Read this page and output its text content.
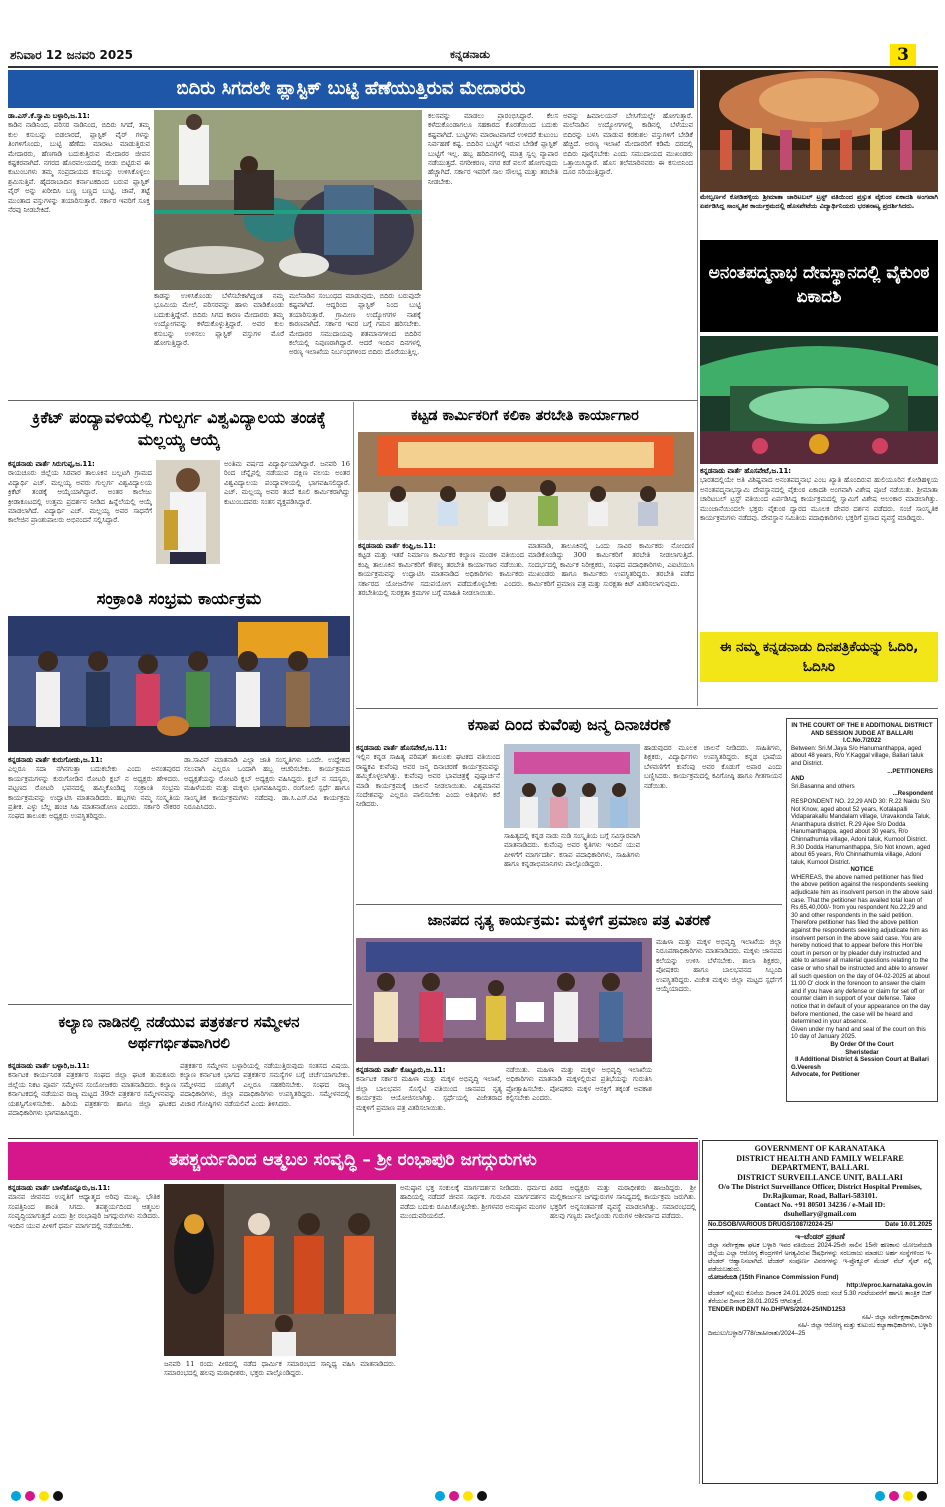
ಶನಿವಾರ 12 ಜನವರಿ 2025	ಕನ್ನಡನಾಡು	3
ಬಿದಿರು ಸಿಗದಲೇ ಪ್ಲಾಸ್ಟಿಕ್ ಬುಟ್ಟಿ ಹೆಣೆಯುತ್ತಿರುವ ಮೇದಾರರು
ಡಾ.ಎಸ್.ಕೆ.ಸ್ವಾಮಿ ಬಳ್ಳಾರಿ,ಜ.11:
ಕಾಡಿನ ನಾಡಿನಿಂದ, ಪರಿಸರ ನಾಡಿನಿಂದ, ಬಿದಿರು ಸಿಗದೆ, ತಮ್ಮ ಕುಲ ಕಸುಬನ್ನು ಬಿಡಲಾರದೆ, ಪ್ಲಾಸ್ಟಿಕ್ ವೈರ್ ಗಳನ್ನು ತಿಂಗಳಿಗೊಂದು, ಬುಟ್ಟಿ ಹೆಣೆದು ಮಾರಾಟ ಮಾಡುತ್ತಿರುವ ಮೇದಾರರು, ಹೆಣಗಾಡಿ ಬದುಕುತ್ತಿರುವ ಮೇದಾರರ ಜೀವನ ಕಷ್ಟಕರವಾಗಿದೆ. ನಗರದ ಹೊರವಲಯದಲ್ಲಿ ಬೀಡು ಬಿಟ್ಟಿರುವ ಈ ಕುಟುಂಬಗಳು ತಮ್ಮ ಸಂಪ್ರದಾಯದ ಕಸುಬನ್ನು ಉಳಿಸಿಕೊಳ್ಳಲು ಶ್ರಮಿಸುತ್ತಿವೆ. ಹೈದರಾಬಾದಿನ ಕರ್ನಾಟಕದಿಂದ ಬರುವ ಪ್ಲಾಸ್ಟಿಕ್ ವೈರ್ ಅನ್ನು ಖರೀದಿಸಿ ಬಣ್ಣ ಬಣ್ಣದ ಬುಟ್ಟಿ, ಚಾಪೆ, ತಟ್ಟೆ ಮುಂತಾದ ವಸ್ತುಗಳನ್ನು ತಯಾರಿಸುತ್ತಾರೆ. ಸರ್ಕಾರ ಇವರಿಗೆ ಸೂಕ್ತ ನೆರವು ನೀಡಬೇಕಿದೆ.
ಕಾಡನ್ನು ಉಳಿಸಿಕೊಂಡು ಬೆಳೆಸಬೇಕಾಗಿದ್ದಂತ ನಮ್ಮ ಭೂಮಿಯ ಮೇಲೆ, ಪರಿಸರವನ್ನು ಹಾಳು ಮಾಡಿಕೊಂಡು ಬದುಕುತ್ತಿದ್ದೇವೆ. ಬಿದಿರು ಸಿಗದ ಕಾರಣ ಮೇದಾರರು ತಮ್ಮ ಉದ್ಯೋಗವನ್ನು ಕಳೆದುಕೊಳ್ಳುತ್ತಿದ್ದಾರೆ. ಅವರ ಕುಲ ಕಸುಬನ್ನು ಉಳಿಸಲು ಪ್ಲಾಸ್ಟಿಕ್ ವಸ್ತುಗಳ ಮೊರೆ ಹೋಗುತ್ತಿದ್ದಾರೆ.
ಮಲೆನಾಡಿನ ಸಂಬಂಧದ ಮಾಡುವುದು, ಬಿದಿರು ಬರುವುದೇ ಕಷ್ಟವಾಗಿದೆ. ಆದ್ದರಿಂದ ಪ್ಲಾಸ್ಟಿಕ್ ನಿಂದ ಬುಟ್ಟಿ ತಯಾರಿಸುತ್ತಾರೆ. ಗ್ರಾಮೀಣ ಉದ್ಯೋಗಗಳ ನಾಶಕ್ಕೆ ಕಾರಣವಾಗಿದೆ. ಸರ್ಕಾರ ಇವರ ಬಗ್ಗೆ ಗಮನ ಹರಿಸಬೇಕು. ಮೇದಾರರ ಸಮುದಾಯವು ಶತಮಾನಗಳಿಂದ ಬಿದಿರಿನ ಕಲೆಯಲ್ಲಿ ನಿಪುಣರಾಗಿದ್ದಾರೆ. ಆದರೆ ಇಂದಿನ ದಿನಗಳಲ್ಲಿ ಅರಣ್ಯ ಇಲಾಖೆಯ ನಿರ್ಬಂಧಗಳಿಂದ ಬಿದಿರು ದೊರೆಯುತ್ತಿಲ್ಲ.
ಕಲಸವನ್ನು ಮಾಡಲು ಪ್ರಾರಂಭಿಸಿದ್ದಾರೆ. ಕೆಲಸ ಕಳೆದುಕೊಂಡಾಗಲೂ ಸಹಕಾರದ ಕೊರತೆಯಿಂದ ಬದುಕು ಕಷ್ಟವಾಗಿದೆ. ಬುಟ್ಟಿಗಳು ಮಾರಾಟವಾಗದೆ ಉಳಿದರೆ ಕುಟುಂಬ ನಿರ್ವಹಣೆ ಕಷ್ಟ. ಬಿದಿರಿನ ಬುಟ್ಟಿಗೆ ಇರುವ ಬೇಡಿಕೆ ಪ್ಲಾಸ್ಟಿಕ್ ಬುಟ್ಟಿಗೆ ಇಲ್ಲ. ಹಬ್ಬ ಹರಿದಿನಗಳಲ್ಲಿ ಮಾತ್ರ ಸ್ವಲ್ಪ ವ್ಯಾಪಾರ ನಡೆಯುತ್ತದೆ. ನಗರೀಕರಣ, ನಗರ ಕಡೆ ವಲಸೆ ಹೋಗುವುದು ಹೆಚ್ಚಾಗಿದೆ. ಸರ್ಕಾರ ಇವರಿಗೆ ಸಾಲ ಸೌಲಭ್ಯ ಮತ್ತು ತರಬೇತಿ ನೀಡಬೇಕು.
ಅವನ್ನು ಹಿಮಾಲಯನ್ ಬೇಸಿಗೆಯಲ್ಲೇ ಹೋಗುತ್ತಾರೆ. ಮಲೆನಾಡಿನ ಉದ್ಯೋಗಗಳಲ್ಲಿ ಕಾಡಿನಲ್ಲಿ ಬೆಳೆಯುವ ಬಿದಿರನ್ನು ಬಳಸಿ ಮಾಡುವ ಕರಕುಶಲ ವಸ್ತುಗಳಿಗೆ ಬೇಡಿಕೆ ಹೆಚ್ಚಿದೆ. ಅರಣ್ಯ ಇಲಾಖೆ ಮೇದಾರರಿಗೆ ಕಡಿಮೆ ದರದಲ್ಲಿ ಬಿದಿರು ಪೂರೈಸಬೇಕು ಎಂದು ಸಮುದಾಯದ ಮುಖಂಡರು ಒತ್ತಾಯಿಸಿದ್ದಾರೆ. ಹೊಸ ತಲೆಮಾರಿನವರು ಈ ಕಸುಬಿನಿಂದ ದೂರ ಸರಿಯುತ್ತಿದ್ದಾರೆ.
ಮೇಲ್ವರ್ಣನೆ ಕೋಡಿಹಳ್ಳಿಯ ಶ್ರೀಮಾತಾ ಚಾರಿಟಬಲ್ ಟ್ರಸ್ಟ್ ವತಿಯಿಂದ ಪ್ರಸ್ತುತ ವೈಕುಂಠ ಏಕಾದಶಿ ಅಂಗವಾಗಿ ಏರ್ಪಡಿಸಿದ್ದ ಸಾಂಸ್ಕೃತಿಕ ಕಾರ್ಯಕ್ರಮದಲ್ಲಿ ಹೊಸಪೇಟೆಯ ವಿದ್ಯಾರ್ಥಿನಿಯರು ಭರತನಾಟ್ಯ ಪ್ರದರ್ಶಿಸಿದರು.
ಅನಂತಪದ್ಮನಾಭ ದೇವಸ್ಥಾನದಲ್ಲಿ ವೈಕುಂಠ ಏಕಾದಶಿ
ಕನ್ನಡನಾಡು ವಾರ್ತೆ ಹೊಸಪೇಟೆ,ಜ.11:
ಭಾರತದಲ್ಲಿಯೇ ಅತಿ ವಿಶಿಷ್ಟವಾದ ಅನಂತಪದ್ಮನಾಭ ಎಂಬ ಖ್ಯಾತಿ ಹೊಂದಿರುವ ಹುಲಿಯೂರಿನ ಕೋಡಿಹಳ್ಳಿಯ ಅನಂತಪದ್ಮನಾಭಸ್ವಾಮಿ ದೇವಸ್ಥಾನದಲ್ಲಿ ವೈಕುಂಠ ಏಕಾದಶಿ ಅಂಗವಾಗಿ ವಿಶೇಷ ಪೂಜೆ ನಡೆಯಿತು. ಶ್ರೀಮಾತಾ ಚಾರಿಟಬಲ್ ಟ್ರಸ್ಟ್ ವತಿಯಿಂದ ಏರ್ಪಡಿಸಿದ್ದ ಕಾರ್ಯಕ್ರಮದಲ್ಲಿ ಸ್ವಾಮಿಗೆ ವಿಶೇಷ ಅಲಂಕಾರ ಮಾಡಲಾಗಿತ್ತು. ಮುಂಜಾನೆಯಿಂದಲೇ ಭಕ್ತರು ವೈಕುಂಠ ದ್ವಾರದ ಮೂಲಕ ದೇವರ ದರ್ಶನ ಪಡೆದರು. ಸಂಜೆ ಸಾಂಸ್ಕೃತಿಕ ಕಾರ್ಯಕ್ರಮಗಳು ನಡೆದವು. ದೇವಸ್ಥಾನ ಸಮಿತಿಯ ಪದಾಧಿಕಾರಿಗಳು ಭಕ್ತರಿಗೆ ಪ್ರಸಾದ ವ್ಯವಸ್ಥೆ ಮಾಡಿದ್ದರು.
ಈ ನಮ್ಮ ಕನ್ನಡನಾಡು ದಿನಪತ್ರಿಕೆಯನ್ನು ಓದಿರಿ, ಓದಿಸಿರಿ
ಕ್ರಿಕೆಟ್ ಪಂದ್ಯಾವಳಿಯಲ್ಲಿ ಗುಲ್ಬರ್ಗ ವಿಶ್ವವಿದ್ಯಾಲಯ ತಂಡಕ್ಕೆ ಮಲ್ಲಯ್ಯ ಆಯ್ಕೆ
ಕನ್ನಡನಾಡು ವಾರ್ತೆ ಸಿರುಗುಪ್ಪ,ಜ.11:
ರಾಯಚೂರು ಜಿಲ್ಲೆಯ ಸಿರವಾರ ತಾಲೂಕಿನ ಬಲ್ಲಟಗಿ ಗ್ರಾಮದ ವಿದ್ಯಾರ್ಥಿ ಎಚ್. ಮಲ್ಲಯ್ಯ ಅವರು ಗುಲ್ಬರ್ಗ ವಿಶ್ವವಿದ್ಯಾಲಯ ಕ್ರಿಕೆಟ್ ತಂಡಕ್ಕೆ ಆಯ್ಕೆಯಾಗಿದ್ದಾರೆ. ಅಂತರ ಕಾಲೇಜು ಕ್ರೀಡಾಕೂಟದಲ್ಲಿ ಉತ್ತಮ ಪ್ರದರ್ಶನ ನೀಡಿದ ಹಿನ್ನೆಲೆಯಲ್ಲಿ ಆಯ್ಕೆ ಮಾಡಲಾಗಿದೆ. ವಿದ್ಯಾರ್ಥಿ ಎಚ್. ಮಲ್ಲಯ್ಯ ಅವರ ಸಾಧನೆಗೆ ಕಾಲೇಜಿನ ಪ್ರಾಂಶುಪಾಲರು ಅಭಿನಂದನೆ ಸಲ್ಲಿಸಿದ್ದಾರೆ.
ಅಂತಿಮ ವರ್ಷದ ವಿದ್ಯಾರ್ಥಿಯಾಗಿದ್ದಾರೆ. ಜನವರಿ 16 ರಿಂದ ಚೆನ್ನೈನಲ್ಲಿ ನಡೆಯುವ ದಕ್ಷಿಣ ವಲಯ ಅಂತರ ವಿಶ್ವವಿದ್ಯಾಲಯ ಪಂದ್ಯಾವಳಿಯಲ್ಲಿ ಭಾಗವಹಿಸಲಿದ್ದಾರೆ. ಎಚ್. ಮಲ್ಲಯ್ಯ ಅವರ ತಂದೆ ಕೂಲಿ ಕಾರ್ಮಿಕರಾಗಿದ್ದು ಕುಟುಂಬದವರು ಸಂತಸ ವ್ಯಕ್ತಪಡಿಸಿದ್ದಾರೆ.
ಕಟ್ಟಡ ಕಾರ್ಮಿಕರಿಗೆ ಕಲಿಕಾ ತರಬೇತಿ ಕಾರ್ಯಾಗಾರ
ಕನ್ನಡನಾಡು ವಾರ್ತೆ ಕಂಪ್ಲಿ,ಜ.11:
ಕಟ್ಟಡ ಮತ್ತು ಇತರೆ ನಿರ್ಮಾಣ ಕಾರ್ಮಿಕರ ಕಲ್ಯಾಣ ಮಂಡಳಿ ವತಿಯಿಂದ ಕಂಪ್ಲಿ ತಾಲೂಕಿನ ಕಾರ್ಮಿಕರಿಗೆ ಕೌಶಲ್ಯ ತರಬೇತಿ ಕಾರ್ಯಾಗಾರ ನಡೆಯಿತು. ಕಾರ್ಯಕ್ರಮವನ್ನು ಉದ್ಘಾಟಿಸಿ ಮಾತನಾಡಿದ ಅಧಿಕಾರಿಗಳು ಕಾರ್ಮಿಕರು ಸರ್ಕಾರದ ಯೋಜನೆಗಳ ಸದುಪಯೋಗ ಪಡೆದುಕೊಳ್ಳಬೇಕು ಎಂದರು. ತರಬೇತಿಯಲ್ಲಿ ಸುರಕ್ಷತಾ ಕ್ರಮಗಳ ಬಗ್ಗೆ ಮಾಹಿತಿ ನೀಡಲಾಯಿತು.
ಮಾತನಾಡಿ, ತಾಲೂಕಿನಲ್ಲಿ ಒಂದು ಸಾವಿರ ಕಾರ್ಮಿಕರು ನೋಂದಣಿ ಮಾಡಿಕೊಂಡಿದ್ದು 300 ಕಾರ್ಮಿಕರಿಗೆ ತರಬೇತಿ ನೀಡಲಾಗುತ್ತಿದೆ. ಸಂದರ್ಭದಲ್ಲಿ ಕಾರ್ಮಿಕ ನಿರೀಕ್ಷಕರು, ಸಂಘದ ಪದಾಧಿಕಾರಿಗಳು, ಎಐಟಿಯುಸಿ ಮುಖಂಡರು ಹಾಗೂ ಕಾರ್ಮಿಕರು ಉಪಸ್ಥಿತರಿದ್ದರು. ತರಬೇತಿ ಪಡೆದ ಕಾರ್ಮಿಕರಿಗೆ ಪ್ರಮಾಣ ಪತ್ರ ಮತ್ತು ಸುರಕ್ಷತಾ ಕಿಟ್ ವಿತರಿಸಲಾಗುವುದು.
ಸಂಕ್ರಾಂತಿ ಸಂಭ್ರಮ ಕಾರ್ಯಕ್ರಮ
ಕನ್ನಡನಾಡು ವಾರ್ತೆ ಕುರುಗೋಡು,ಜ.11:
ಎಲ್ಲರೂ ಸದಾ ನಗಿನಗುತ್ತಾ ಬದುಕಬೇಕು ಎಂದು ಅನಂತಪುರದ ಕಾರ್ಯಕ್ರಮಗಳನ್ನು ಕುರುಗೋಡಿನ ರೋಟರಿ ಕ್ಲಬ್ ನ ಅಧ್ಯಕ್ಷರು ಹೇಳಿದರು. ಪಟ್ಟಣದ ರೋಟರಿ ಭವನದಲ್ಲಿ ಹಮ್ಮಿಕೊಂಡಿದ್ದ ಸಂಕ್ರಾಂತಿ ಸಂಭ್ರಮ ಕಾರ್ಯಕ್ರಮವನ್ನು ಉದ್ಘಾಟಿಸಿ ಮಾತನಾಡಿದರು. ಹಬ್ಬಗಳು ನಮ್ಮ ಸಂಸ್ಕೃತಿಯ ಪ್ರತೀಕ. ಎಳ್ಳು ಬೆಲ್ಲ ಹಂಚಿ ಸಿಹಿ ಮಾತನಾಡೋಣ ಎಂದರು. ಸರ್ಕಾರಿ ನೌಕರರ ಸಂಘದ ತಾಲೂಕು ಅಧ್ಯಕ್ಷರು ಉಪಸ್ಥಿತರಿದ್ದರು.
ಡಾ.ಸಾವಿನ್ ಮಾತನಾಡಿ ಎಲ್ಲಾ ಜಾತಿ ಸಂಸ್ಕೃತಿಗಳು ಒಂದೇ. ಉದ್ದೇಶದ ಸಲುವಾಗಿ ಎಲ್ಲರೂ ಒಂದಾಗಿ ಹಬ್ಬ ಆಚರಿಸಬೇಕು. ಕಾರ್ಯಕ್ರಮದ ಅಧ್ಯಕ್ಷತೆಯನ್ನು ರೋಟರಿ ಕ್ಲಬ್ ಅಧ್ಯಕ್ಷರು ವಹಿಸಿದ್ದರು. ಕ್ಲಬ್ ನ ಸದಸ್ಯರು, ಮಹಿಳೆಯರು ಮತ್ತು ಮಕ್ಕಳು ಭಾಗವಹಿಸಿದ್ದರು. ರಂಗೋಲಿ ಸ್ಪರ್ಧೆ ಹಾಗೂ ಸಾಂಸ್ಕೃತಿಕ ಕಾರ್ಯಕ್ರಮಗಳು ನಡೆದವು. ಡಾ.ಸಿ.ಎಸ್.ರವಿ ಕಾರ್ಯಕ್ರಮ ನಿರೂಪಿಸಿದರು.
ಕಸಾಪ ದಿಂದ ಕುವೆಂಪು ಜನ್ಮ ದಿನಾಚರಣೆ
ಕನ್ನಡನಾಡು ವಾರ್ತೆ ಹೊಸಪೇಟೆ,ಜ.11:
ಇಲ್ಲಿನ ಕನ್ನಡ ಸಾಹಿತ್ಯ ಪರಿಷತ್ ತಾಲೂಕು ಘಟಕದ ವತಿಯಿಂದ ರಾಷ್ಟ್ರಕವಿ ಕುವೆಂಪು ಅವರ ಜನ್ಮ ದಿನಾಚರಣೆ ಕಾರ್ಯಕ್ರಮವನ್ನು ಹಮ್ಮಿಕೊಳ್ಳಲಾಗಿತ್ತು. ಕುವೆಂಪು ಅವರ ಭಾವಚಿತ್ರಕ್ಕೆ ಪುಷ್ಪಾರ್ಚನೆ ಮಾಡಿ ಕಾರ್ಯಕ್ರಮಕ್ಕೆ ಚಾಲನೆ ನೀಡಲಾಯಿತು. ವಿಶ್ವಮಾನವ ಸಂದೇಶವನ್ನು ಎಲ್ಲರೂ ಪಾಲಿಸಬೇಕು ಎಂದು ಅತಿಥಿಗಳು ಕರೆ ನೀಡಿದರು.
ಸಾಹಿತ್ಯದಲ್ಲಿ ಕನ್ನಡ ನಾಡು ನುಡಿ ಸಂಸ್ಕೃತಿಯ ಬಗ್ಗೆ ಸವಿಸ್ತಾರವಾಗಿ ಮಾತನಾಡಿದರು. ಕುವೆಂಪು ಅವರ ಕೃತಿಗಳು ಇಂದಿನ ಯುವ ಪೀಳಿಗೆಗೆ ಮಾರ್ಗದರ್ಶಿ. ಕಸಾಪ ಪದಾಧಿಕಾರಿಗಳು, ಸಾಹಿತಿಗಳು ಹಾಗೂ ಕನ್ನಡಾಭಿಮಾನಿಗಳು ಪಾಲ್ಗೊಂಡಿದ್ದರು.
ಹಾಡುವುದರ ಮೂಲಕ ಚಾಲನೆ ನೀಡಿದರು. ಸಾಹಿತಿಗಳು, ಶಿಕ್ಷಕರು, ವಿದ್ಯಾರ್ಥಿಗಳು ಉಪಸ್ಥಿತರಿದ್ದರು. ಕನ್ನಡ ಭಾಷೆಯ ಬೆಳವಣಿಗೆಗೆ ಕುವೆಂಪು ಅವರ ಕೊಡುಗೆ ಅಪಾರ ಎಂದು ಬಣ್ಣಿಸಿದರು. ಕಾರ್ಯಕ್ರಮದಲ್ಲಿ ಕವಿಗೋಷ್ಠಿ ಹಾಗೂ ಗೀತಗಾಯನ ನಡೆಯಿತು.
IN THE COURT OF THE II ADDITIONAL DISTRICT AND SESSION JUDGE AT BALLARI
I.C.No.7/2022
Between: Sri.M.Jaya S/o Hanumanthappa, aged about 48 years, R/o Y.Kaggal village, Ballari taluk and District.
...PETITIONERS
AND
Sri.Basanna and others
...Respondent
RESPONDENT NO. 22,29 AND 30: R.22 Naidu S/o Not Know, aged about 52 years, Kotalapalli Vidaparakallu Mandalam village, Uravakonda Taluk, Ananthapura district. R.29 Ajee S/o Dodda Hanumanthappa, aged about 30 years, R/o Chinnathumla village, Adoni taluk, Kurnool District. R.30 Dodda Hanumanthappa, S/o Not known, aged about 65 years, R/o Chinnathumla village, Adoni taluk, Kurnool District.
NOTICE
WHEREAS, the above named petitioner has filed the above petition against the respondents seeking adjudicate him as insolvent person in the above said case. That the petitioner has availed total loan of Rs.65,40,000/- from you respondent No.22,29 and 30 and other respondents in the said petition. Therefore petitioner has filed the above petition against the respondents seeking adjudicate him as insolvent person in the above said case. You are hereby noticed that to appear before this Hon'ble court in person or by pleader duly instructed and able to answer all material questions relating to the case or who shall be instructed and able to answer all such question on the day of 04-02-2025 at about 11:00 O' clock in the forenoon to answer the claim and if you have any defense or claim for set off or counter claim in support of your defense. Take notice that in default of your appearance on the day before mentioned, the case will be heard and determined in your absence.
Given under my hand and seal of the court on this 10 day of January 2025.
By Order Of the Court
Sheristedar
II Additional District & Session Court at Ballari
G.Veeresh
Advocate, for Petitioner
ಜಾನಪದ ನೃತ್ಯ ಕಾರ್ಯಕ್ರಮ: ಮಕ್ಕಳಿಗೆ ಪ್ರಮಾಣ ಪತ್ರ ವಿತರಣೆ
ಮಹಿಳಾ ಮತ್ತು ಮಕ್ಕಳ ಅಭಿವೃದ್ಧಿ ಇಲಾಖೆಯ ಜಿಲ್ಲಾ ನಿರೂಪಣಾಧಿಕಾರಿಗಳು ಮಾತನಾಡಿದರು. ಮಕ್ಕಳು ಜಾನಪದ ಕಲೆಯನ್ನು ಉಳಿಸಿ ಬೆಳೆಸಬೇಕು. ಶಾಲಾ ಶಿಕ್ಷಕರು, ಪೋಷಕರು ಹಾಗೂ ಬಾಲಭವನದ ಸಿಬ್ಬಂದಿ ಉಪಸ್ಥಿತರಿದ್ದರು. ವಿಜೇತ ಮಕ್ಕಳು ಜಿಲ್ಲಾ ಮಟ್ಟದ ಸ್ಪರ್ಧೆಗೆ ಆಯ್ಕೆಯಾದರು.
ಕನ್ನಡನಾಡು ವಾರ್ತೆ ಕೊಟ್ಟೂರು,ಜ.11:
ಕರ್ನಾಟಕ ಸರ್ಕಾರ ಮಹಿಳಾ ಮತ್ತು ಮಕ್ಕಳ ಅಭಿವೃದ್ಧಿ ಇಲಾಖೆ, ಜಿಲ್ಲಾ ಬಾಲಭವನ ಸೊಸೈಟಿ ವತಿಯಿಂದ ಜಾನಪದ ನೃತ್ಯ ಕಾರ್ಯಕ್ರಮ ಆಯೋಜಿಸಲಾಗಿತ್ತು. ಸ್ಪರ್ಧೆಯಲ್ಲಿ ವಿಜೇತರಾದ ಮಕ್ಕಳಿಗೆ ಪ್ರಮಾಣ ಪತ್ರ ವಿತರಿಸಲಾಯಿತು.
ನಡೆಯಿತು. ಮಹಿಳಾ ಮತ್ತು ಮಕ್ಕಳ ಅಭಿವೃದ್ಧಿ ಇಲಾಖೆಯ ಅಧಿಕಾರಿಗಳು ಮಾತನಾಡಿ ಮಕ್ಕಳಲ್ಲಿರುವ ಪ್ರತಿಭೆಯನ್ನು ಗುರುತಿಸಿ ಪ್ರೋತ್ಸಾಹಿಸಬೇಕು. ಪೋಷಕರು ಮಕ್ಕಳ ಆಸಕ್ತಿಗೆ ತಕ್ಕಂತೆ ಅವಕಾಶ ಕಲ್ಪಿಸಬೇಕು ಎಂದರು.
ಕಲ್ಯಾಣ ನಾಡಿನಲ್ಲಿ ನಡೆಯುವ ಪತ್ರಕರ್ತರ ಸಮ್ಮೇಳನ ಅರ್ಥಗರ್ಭಿತವಾಗಿರಲಿ
ಕನ್ನಡನಾಡು ವಾರ್ತೆ ಬಳ್ಳಾರಿ,ಜ.11:
ಕರ್ನಾಟಕ ಕಾರ್ಯನಿರತ ಪತ್ರಕರ್ತರ ಸಂಘದ ಜಿಲ್ಲಾ ಘಟಕ ತುಮಕೂರು ಜಿಲ್ಲೆಯ ನಿಕಟ ಪೂರ್ವ ಸಮ್ಮೇಳನ ಸಂಯೋಜಕರು ಮಾತನಾಡಿದರು. ಕಲ್ಯಾಣ ಕರ್ನಾಟಕದಲ್ಲಿ ನಡೆಯುವ ರಾಜ್ಯ ಮಟ್ಟದ 39ನೇ ಪತ್ರಕರ್ತರ ಸಮ್ಮೇಳನವನ್ನು ಯಶಸ್ವಿಗೊಳಿಸಬೇಕು. ಹಿರಿಯ ಪತ್ರಕರ್ತರು ಹಾಗೂ ಜಿಲ್ಲಾ ಘಟಕದ ಪದಾಧಿಕಾರಿಗಳು ಭಾಗವಹಿಸಿದ್ದರು.
ಪತ್ರಕರ್ತರ ಸಮ್ಮೇಳನ ಬಳ್ಳಾರಿಯಲ್ಲಿ ನಡೆಯುತ್ತಿರುವುದು ಸಂತಸದ ವಿಷಯ. ಕಲ್ಯಾಣ ಕರ್ನಾಟಕ ಭಾಗದ ಪತ್ರಕರ್ತರ ಸಮಸ್ಯೆಗಳ ಬಗ್ಗೆ ಚರ್ಚೆಯಾಗಬೇಕು. ಸಮ್ಮೇಳನದ ಯಶಸ್ಸಿಗೆ ಎಲ್ಲರೂ ಸಹಕರಿಸಬೇಕು. ಸಂಘದ ರಾಜ್ಯ ಪದಾಧಿಕಾರಿಗಳು, ಜಿಲ್ಲಾ ಪದಾಧಿಕಾರಿಗಳು ಉಪಸ್ಥಿತರಿದ್ದರು. ಸಮ್ಮೇಳನದಲ್ಲಿ ವಿಚಾರ ಗೋಷ್ಠಿಗಳು ನಡೆಯಲಿವೆ ಎಂದು ತಿಳಿಸಿದರು.
ತಪಶ್ಚರ್ಯದಿಂದ ಆತ್ಮಬಲ ಸಂವೃದ್ಧಿ – ಶ್ರೀ ರಂಭಾಪುರಿ ಜಗದ್ಗುರುಗಳು
ಕನ್ನಡನಾಡು ವಾರ್ತೆ ಬಾಳೆಹೊನ್ನೂರು,ಜ.11:
ಮಾನವ ಜೀವನದ ಉನ್ನತಿಗೆ ಆಧ್ಯಾತ್ಮದ ಅರಿವು ಮುಖ್ಯ. ಭೌತಿಕ ಸಂಪತ್ತಿನಿಂದ ಶಾಂತಿ ಸಿಗದು. ತಪಶ್ಚರ್ಯದಿಂದ ಆತ್ಮಬಲ ಸಂವೃದ್ಧಿಯಾಗುತ್ತದೆ ಎಂದು ಶ್ರೀ ರಂಭಾಪುರಿ ಜಗದ್ಗುರುಗಳು ನುಡಿದರು. ಇಂದಿನ ಯುವ ಪೀಳಿಗೆ ಧರ್ಮ ಮಾರ್ಗದಲ್ಲಿ ನಡೆಯಬೇಕು.
ಜನವರಿ 11 ರಂದು ಪೀಠದಲ್ಲಿ ನಡೆದ ಧಾರ್ಮಿಕ ಸಮಾರಂಭದ ಸಾನ್ನಿಧ್ಯ ವಹಿಸಿ ಮಾತನಾಡಿದರು. ಸಮಾರಂಭದಲ್ಲಿ ಹಲವು ಮಠಾಧೀಶರು, ಭಕ್ತರು ಪಾಲ್ಗೊಂಡಿದ್ದರು.
ಅನುಷ್ಠಾನ ಭಕ್ತ ಸಂಕುಲಕ್ಕೆ ಮಾರ್ಗದರ್ಶನ ನೀಡಿದರು. ಧರ್ಮದ ಹಾದಿಯಲ್ಲಿ ನಡೆದರೆ ಜೀವನ ಸಾರ್ಥಕ. ಗುರುವಿನ ಮಾರ್ಗದರ್ಶನ ಪಡೆದು ಬದುಕು ರೂಪಿಸಿಕೊಳ್ಳಬೇಕು. ಶ್ರೀಗಳವರ ಅನುಷ್ಠಾನ ಮಂಗಳ ಮುಂದುವರಿಯಲಿದೆ.
ಪಿಠದ ಅಧ್ಯಕ್ಷರು ಮತ್ತು ಮಠಾಧೀಶರು ಹಾಜರಿದ್ದರು. ಶ್ರೀ ಮಲ್ಲಿಕಾರ್ಜುನ ಜಗದ್ಗುರುಗಳ ಸಾನಿಧ್ಯದಲ್ಲಿ ಕಾರ್ಯಕ್ರಮ ಜರುಗಿತು. ಭಕ್ತರಿಗೆ ಅನ್ನಸಂತರ್ಪಣೆ ವ್ಯವಸ್ಥೆ ಮಾಡಲಾಗಿತ್ತು. ಸಮಾರಂಭದಲ್ಲಿ ಹಲವು ಗಣ್ಯರು ಪಾಲ್ಗೊಂಡು ಗುರುಗಳ ಆಶೀರ್ವಾದ ಪಡೆದರು.
GOVERNMENT OF KARANATAKA
DISTRICT HEALTH AND FAMILY WELFARE DEPARTMENT, BALLARI.
DISTRICT SURVEILLANCE UNIT, BALLARI
O/o The District Surveillance Officer, District Hospital Premises, Dr.Rajkumar, Road, Ballari-583101.
Contact No. +91 80501 34236 / e-Mail ID:
dsuhellary@gmail.com
No.DSOB/VARIOUS DRUGS/1087/2024-25/	Date 10.01.2025
ಇ–ಟೆಂಡರ್ ಪ್ರಕಟಣೆ
ಜಿಲ್ಲಾ ಸರ್ವೇಕ್ಷಣಾ ಘಟಕ ಬಳ್ಳಾರಿ ಇವರ ವತಿಯಿಂದ 2024-25ನೇ ಸಾಲಿನ 15ನೇ ಹಣಕಾಸು ಯೋಜನೆಯಡಿ ಜಿಲ್ಲೆಯ ಎಲ್ಲಾ ಆರೋಗ್ಯ ಕೇಂದ್ರಗಳಿಗೆ ಅಗತ್ಯವಿರುವ ಔಷಧಿಗಳನ್ನು ಸರಬರಾಜು ಮಾಡಲು ಅರ್ಹ ಸಂಸ್ಥೆಗಳಿಂದ ಇ-ಟೆಂಡರ್ ಆಹ್ವಾನಿಸಲಾಗಿದೆ. ಟೆಂಡರ್ ಸಂಪೂರ್ಣ ವಿವರಗಳನ್ನು ಇ-ಪ್ರೊಕ್ಯೂರ್ ಮೆಂಟ್ ವೆಬ್ ಸೈಟ್ ನಲ್ಲಿ ಪಡೆಯಬಹುದು.
ಯೋಜನೆಯಡಿ (15th Finance Commission Fund)
http://eproc.karnataka.gov.in
ಟೆಂಡರ್ ಸಲ್ಲಿಸಲು ಕೊನೆಯ ದಿನಾಂಕ 24.01.2025 ರಂದು ಸಂಜೆ 5.30 ಗಂಟೆಯವರೆಗೆ ಹಾಗೂ ತಾಂತ್ರಿಕ ಬಿಡ್ ತೆರೆಯುವ ದಿನಾಂಕ 28.01.2025 ಆಗಿರುತ್ತದೆ.
TENDER INDENT No.DHFWS/2024-25/IND1253
ಸಹಿ/- ಜಿಲ್ಲಾ ಸರ್ವೇಕ್ಷಣಾಧಿಕಾರಿಗಳು
ಸಹಿ/- ಜಿಲ್ಲಾ ಆರೋಗ್ಯ ಮತ್ತು ಕುಟುಂಬ ಕಲ್ಯಾಣಾಧಿಕಾರಿಗಳು, ಬಳ್ಳಾರಿ
ದಿಮುಲು/ಬಳ್ಳಾರಿ/778/ಜಾಹೀರಾತು/2024–25
